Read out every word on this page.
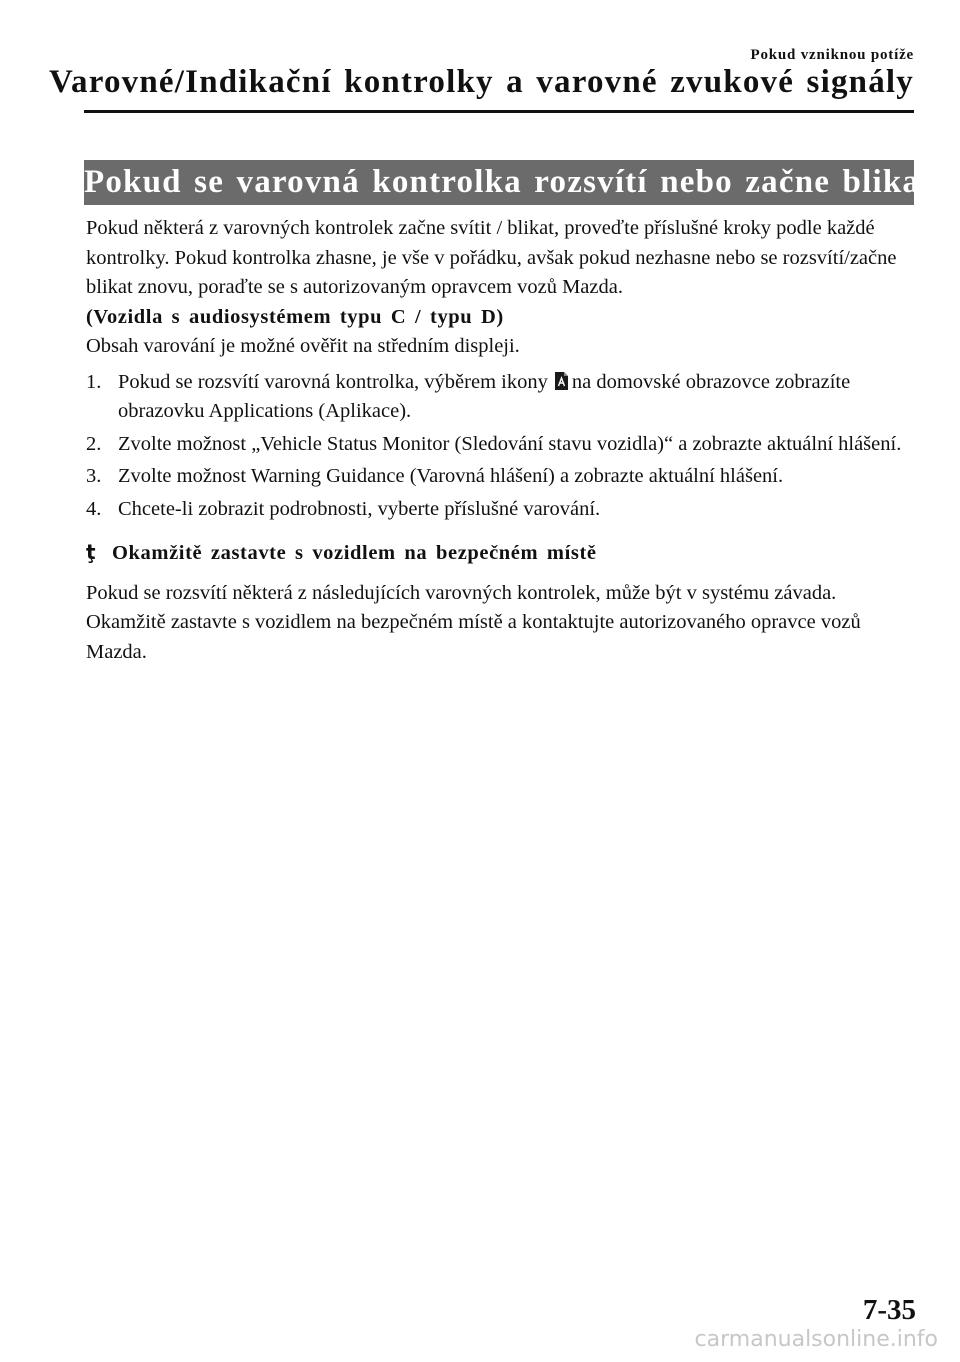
Pokud vzniknou potíže
Varovné/Indikační kontrolky a varovné zvukové signály
Pokud se varovná kontrolka rozsvítí nebo začne blikat

Pokud některá z varovných kontrolek začne svítit / blikat, proveďte příslušné kroky podle každé kontrolky. Pokud kontrolka zhasne, je vše v pořádku, avšak pokud nezhasne nebo se rozsvítí/začne blikat znovu, poraďte se s autorizovaným opravcem vozů Mazda.

(Vozidla s audiosystémem typu C / typu D)

Obsah varování je možné ověřit na středním displeji.

1. Pokud se rozsvítí varovná kontrolka, výběrem ikony na domovské obrazovce zobrazíte obrazovku Applications (Aplikace).
2. Zvolte možnost „Vehicle Status Monitor (Sledování stavu vozidla)“ a zobrazte aktuální hlášení.
3. Zvolte možnost Warning Guidance (Varovná hlášení) a zobrazte aktuální hlášení.
4. Chcete-li zobrazit podrobnosti, vyberte příslušné varování.
ţ Okamžitě zastavte s vozidlem na bezpečném místě

Pokud se rozsvítí některá z následujících varovných kontrolek, může být v systému závada. Okamžitě zastavte s vozidlem na bezpečném místě a kontaktujte autorizovaného opravce vozů Mazda.

7-35
carmanualsonline.info
